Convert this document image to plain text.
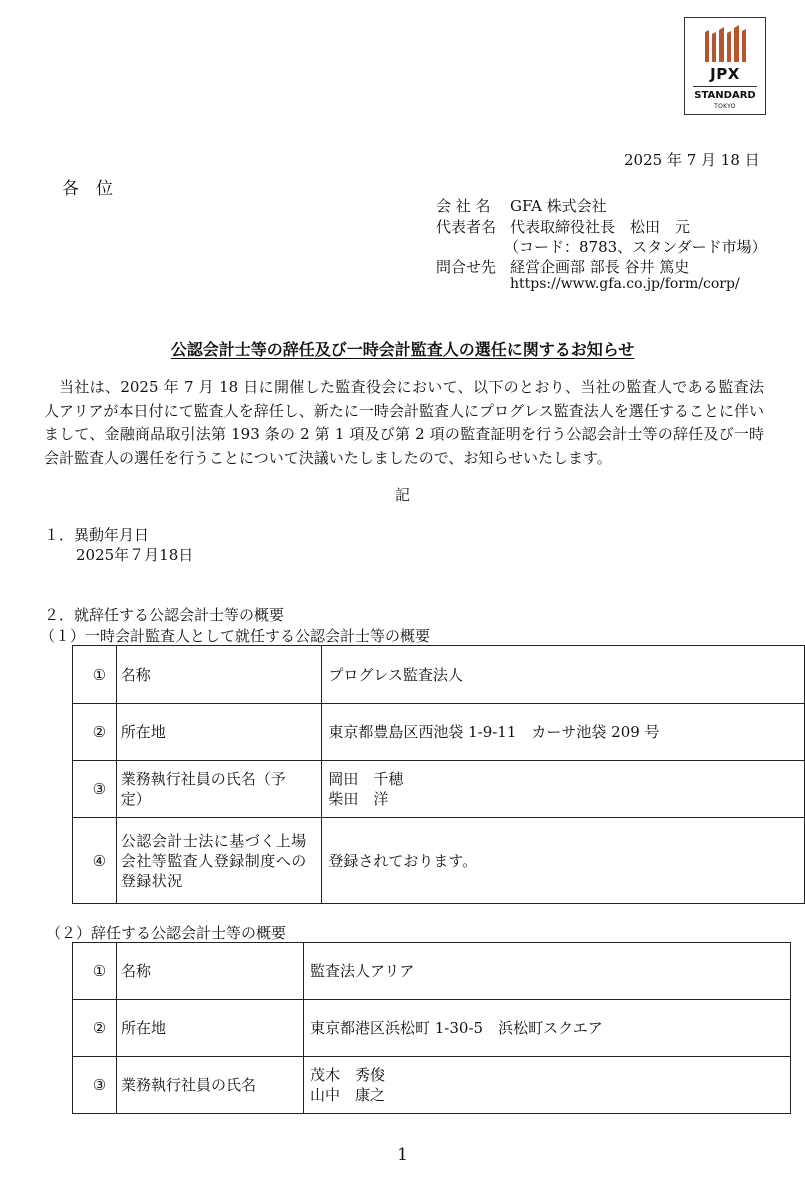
JPX
STANDARD
TOKYO
2025 年 7 月 18 日
各　位
会 社 名 GFA 株式会社
代表者名 代表取締役社長　松田　元
（コード：8783、スタンダード市場）
問合せ先 経営企画部 部長 谷井 篤史
https://www.gfa.co.jp/form/corp/
公認会計士等の辞任及び一時会計監査人の選任に関するお知らせ
当社は、2025 年 7 月 18 日に開催した監査役会において、以下のとおり、当社の監査人である監査法人アリアが本日付にて監査人を辞任し、新たに一時会計監査人にプログレス監査法人を選任することに伴いまして、金融商品取引法第 193 条の 2 第 1 項及び第 2 項の監査証明を行う公認会計士等の辞任及び一時会計監査人の選任を行うことについて決議いたしましたので、お知らせいたします。
記
１．異動年月日
2025年７月18日
２．就辞任する公認会計士等の概要
（１）一時会計監査人として就任する公認会計士等の概要
①	名称	プログレス監査法人
②	所在地	東京都豊島区西池袋 1-9-11　カーサ池袋 209 号
③	業務執行社員の氏名（予定）	岡田　千穂
柴田　洋

④	公認会計士法に基づく上場会社等監査人登録制度への登録状況	登録されております。
（２）辞任する公認会計士等の概要
①	名称	監査法人アリア
②	所在地	東京都港区浜松町 1-30-5　浜松町スクエア
③	業務執行社員の氏名	茂木　秀俊
山中　康之
1
